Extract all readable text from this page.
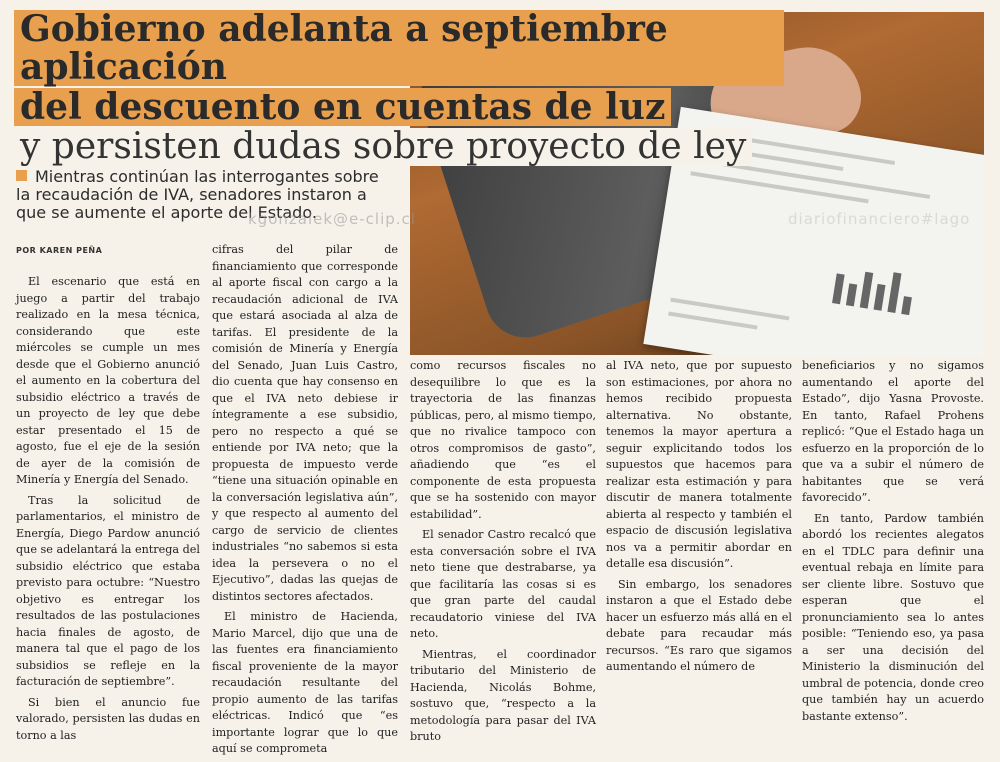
Gobierno adelanta a septiembre aplicación
del descuento en cuentas de luz
y persisten dudas sobre proyecto de ley
kgonzalek@e-clip.cl	diariofinanciero#lago
Mientras continúan las interrogantes sobre la recaudación de IVA, senadores instaron a que se aumente el aporte del Estado.
POR KAREN PEÑA

El escenario que está en juego a partir del trabajo realizado en la mesa técnica, considerando que este miércoles se cumple un mes desde que el Gobierno anunció el aumento en la cobertura del subsidio eléctrico a través de un proyecto de ley que debe estar presentado el 15 de agosto, fue el eje de la sesión de ayer de la comisión de Minería y Energía del Senado.

Tras la solicitud de parlamentarios, el ministro de Energía, Diego Pardow anunció que se adelantará la entrega del subsidio eléctrico que estaba previsto para octubre: “Nuestro objetivo es entregar los resultados de las postulaciones hacia finales de agosto, de manera tal que el pago de los subsidios se refleje en la facturación de septiembre”.

Si bien el anuncio fue valorado, persisten las dudas en torno a las

cifras del pilar de financiamiento que corresponde al aporte fiscal con cargo a la recaudación adicional de IVA que estará asociada al alza de tarifas. El presidente de la comisión de Minería y Energía del Senado, Juan Luis Castro, dio cuenta que hay consenso en que el IVA neto debiese ir íntegramente a ese subsidio, pero no respecto a qué se entiende por IVA neto; que la propuesta de impuesto verde “tiene una situación opinable en la conversación legislativa aún”, y que respecto al aumento del cargo de servicio de clientes industriales “no sabemos si esta idea la persevera o no el Ejecutivo”, dadas las quejas de distintos sectores afectados.

El ministro de Hacienda, Mario Marcel, dijo que una de las fuentes era financiamiento fiscal proveniente de la mayor recaudación resultante del propio aumento de las tarifas eléctricas. Indicó que “es importante lograr que lo que aquí se comprometa

como recursos fiscales no desequilibre lo que es la trayectoria de las finanzas públicas, pero, al mismo tiempo, que no rivalice tampoco con otros compromisos de gasto”, añadiendo que “es el componente de esta propuesta que se ha sostenido con mayor estabilidad”.

El senador Castro recalcó que esta conversación sobre el IVA neto tiene que destrabarse, ya que facilitaría las cosas si es que gran parte del caudal recaudatorio viniese del IVA neto.

Mientras, el coordinador tributario del Ministerio de Hacienda, Nicolás Bohme, sostuvo que, “respecto a la metodología para pasar del IVA bruto

al IVA neto, que por supuesto son estimaciones, por ahora no hemos recibido propuesta alternativa. No obstante, tenemos la mayor apertura a seguir explicitando todos los supuestos que hacemos para realizar esta estimación y para discutir de manera totalmente abierta al respecto y también el espacio de discusión legislativa nos va a permitir abordar en detalle esa discusión”.

Sin embargo, los senadores instaron a que el Estado debe hacer un esfuerzo más allá en el debate para recaudar más recursos. “Es raro que sigamos aumentando el número de

beneficiarios y no sigamos aumentando el aporte del Estado”, dijo Yasna Provoste. En tanto, Rafael Prohens replicó: “Que el Estado haga un esfuerzo en la proporción de lo que va a subir el número de habitantes que se verá favorecido”.

En tanto, Pardow también abordó los recientes alegatos en el TDLC para definir una eventual rebaja en límite para ser cliente libre. Sostuvo que esperan que el pronunciamiento sea lo antes posible: “Teniendo eso, ya pasa a ser una decisión del Ministerio la disminución del umbral de potencia, donde creo que también hay un acuerdo bastante extenso”.
